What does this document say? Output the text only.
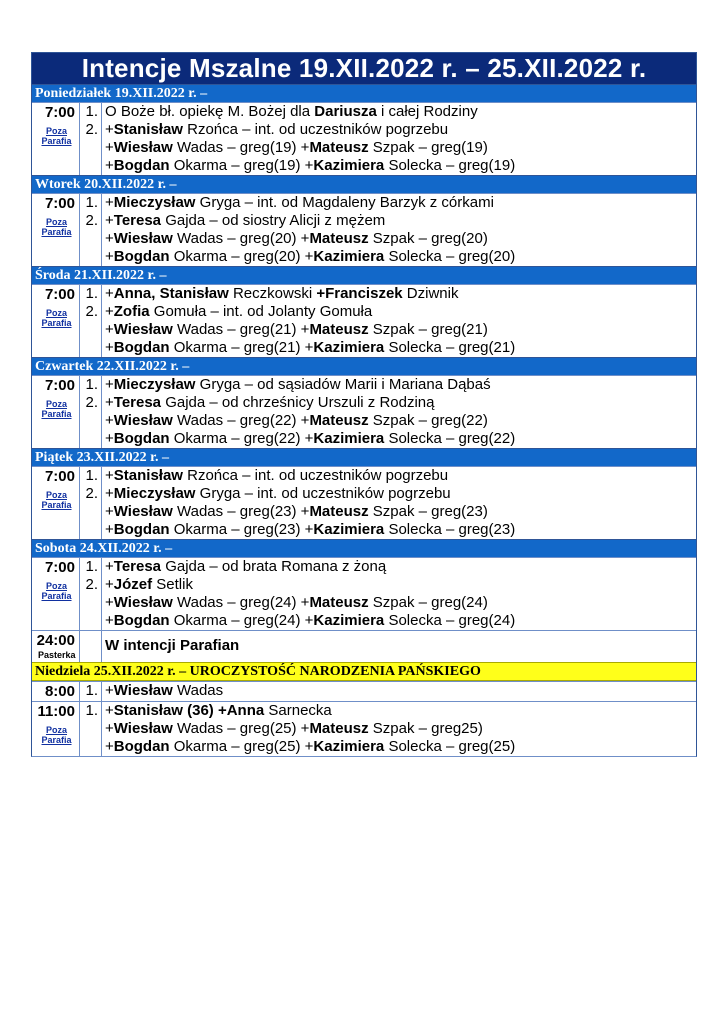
Intencje Mszalne 19.XII.2022 r. – 25.XII.2022 r.
Poniedziałek 19.XII.2022 r. –
7:00
Poza
Parafia
1.
2.
O Boże bł. opiekę M. Bożej dla Dariusza i całej Rodziny
+Stanisław Rzońca – int. od uczestników pogrzebu
+Wiesław Wadas – greg(19) +Mateusz Szpak – greg(19)
+Bogdan Okarma – greg(19) +Kazimiera Solecka – greg(19)
Wtorek 20.XII.2022 r. –
7:00
Poza
Parafia
1.
2.
+Mieczysław Gryga – int. od Magdaleny Barzyk z córkami
+Teresa Gajda – od siostry Alicji z mężem
+Wiesław Wadas – greg(20) +Mateusz Szpak – greg(20)
+Bogdan Okarma – greg(20) +Kazimiera Solecka – greg(20)
Środa 21.XII.2022 r. –
7:00
Poza
Parafia
1.
2.
+Anna, Stanisław Reczkowski +Franciszek Dziwnik
+Zofia Gomuła – int. od Jolanty Gomuła
+Wiesław Wadas – greg(21) +Mateusz Szpak – greg(21)
+Bogdan Okarma – greg(21) +Kazimiera Solecka – greg(21)
Czwartek 22.XII.2022 r. –
7:00
Poza
Parafia
1.
2.
+Mieczysław Gryga – od sąsiadów Marii i Mariana Dąbaś
+Teresa Gajda – od chrześnicy Urszuli z Rodziną
+Wiesław Wadas – greg(22) +Mateusz Szpak – greg(22)
+Bogdan Okarma – greg(22) +Kazimiera Solecka – greg(22)
Piątek 23.XII.2022 r. –
7:00
Poza
Parafia
1.
2.
+Stanisław Rzońca – int. od uczestników pogrzebu
+Mieczysław Gryga – int. od uczestników pogrzebu
+Wiesław Wadas – greg(23) +Mateusz Szpak – greg(23)
+Bogdan Okarma – greg(23) +Kazimiera Solecka – greg(23)
Sobota 24.XII.2022 r. –
7:00
Poza
Parafia
1.
2.
+Teresa Gajda – od brata Romana z żoną
+Józef Setlik
+Wiesław Wadas – greg(24) +Mateusz Szpak – greg(24)
+Bogdan Okarma – greg(24) +Kazimiera Solecka – greg(24)
24:00
Pasterka
W intencji Parafian
Niedziela 25.XII.2022 r. – UROCZYSTOŚĆ NARODZENIA PAŃSKIEGO
8:00 1. +Wiesław Wadas
11:00
Poza
Parafia
1. +Stanisław (36) +Anna Sarnecka
+Wiesław Wadas – greg(25) +Mateusz Szpak – greg25)
+Bogdan Okarma – greg(25) +Kazimiera Solecka – greg(25)
